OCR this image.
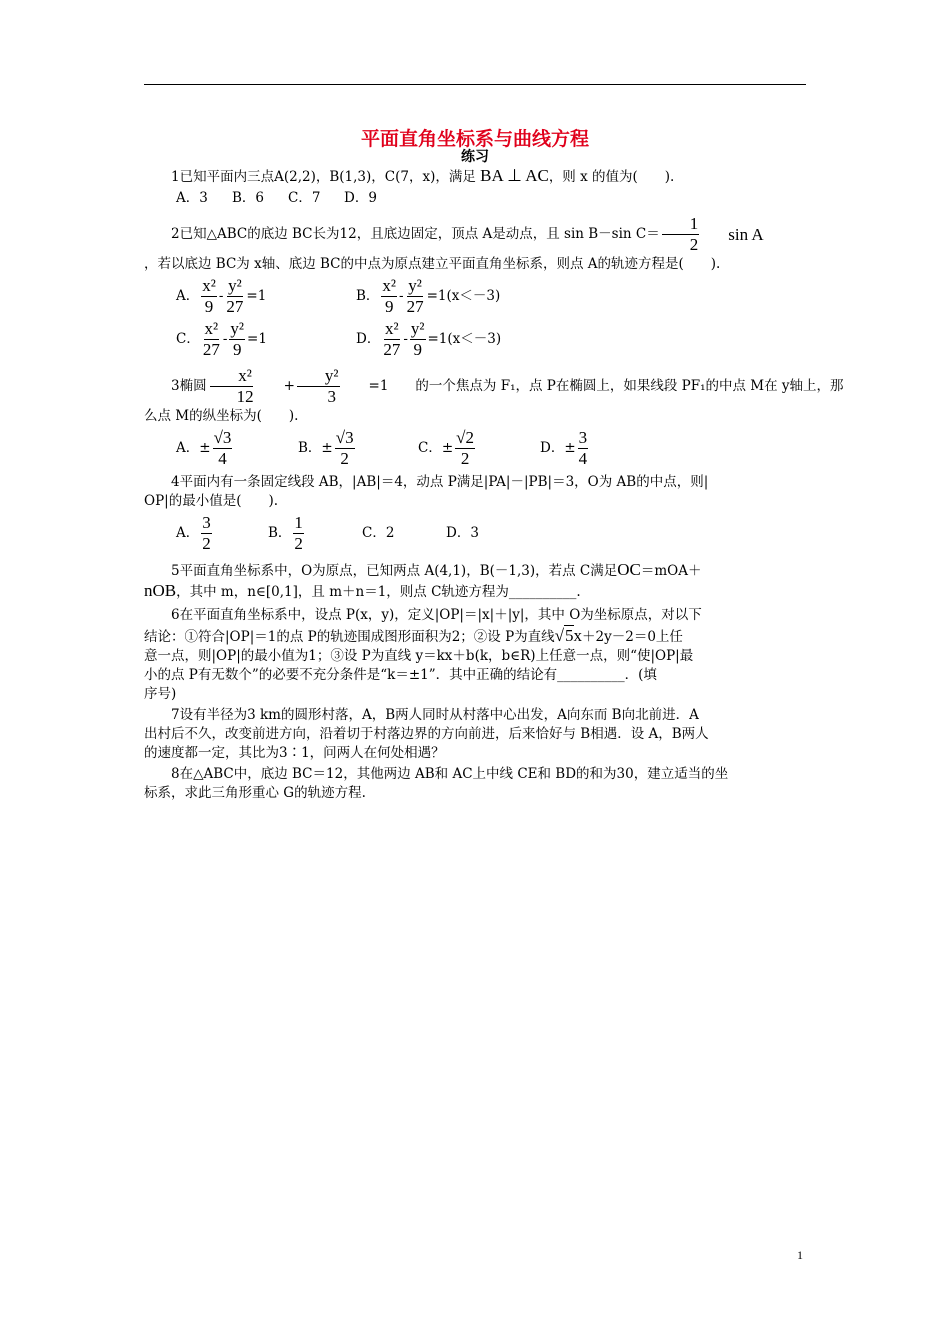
平面直角坐标系与曲线方程
练习

1已知平面内三点A(2,2)，B(1,3)，C(7，x)，满足 BA ⊥ AC，则 x 的值为(　　).

A．3	B．6	C．7	D．9

2已知△ABC的底边 BC长为12，且底边固定，顶点 A是动点，且 sin B－sin $C= \frac{1}{2}$	sin A

，若以底边 BC为 x轴、底边 BC的中点为原点建立平面直角坐标系，则点 A的轨迹方程是(　　).

A． $\frac{\text{x²}}{9} - \frac{\text{y²}}{27} =1$	B． $\frac{\text{x²}}{9} - \frac{\text{y²}}{27} =1$ (x＜－3)
C． $\frac{\text{x²}}{27} - \frac{\text{y²}}{9} =1$	D． $\frac{\text{x²}}{27} - \frac{\text{y²}}{9} =1$ (x＜－3)

3椭圆 $\frac{\text{x²}}{12}$	+ $\frac{\text{y²}}{3}$	=1	的一个焦点为 F₁，点 P在椭圆上，如果线段 PF₁的中点 M在 y轴上，那

么点 M的纵坐标为(　　).

A． ± $\frac{√3}{4}$	B． ± $\frac{√3}{2}$	C． ± $\frac{√2}{2}$	D． ± $\frac{3}{4}$

4平面内有一条固定线段 AB，|AB|＝4，动点 P满足|PA|－|PB|＝3，O为 AB的中点，则|

OP|的最小值是(　　).

A． $\frac{3}{2}$	B． $\frac{1}{2}$	C．2	D．3

5平面直角坐标系中，O为原点，已知两点 A(4,1)，B(－1,3)，若点 C满足OC＝mOA＋

nOB，其中 m，n∈[0,1]，且 m＋n＝1，则点 C轨迹方程为__________.

6在平面直角坐标系中，设点 P(x，y)，定义|OP|＝|x|＋|y|，其中 O为坐标原点，对以下

结论：①符合|OP|＝1的点 P的轨迹围成图形面积为2；②设 P为直线√5x＋2y－2＝0上任

意一点，则|OP|的最小值为1；③设 P为直线 y＝kx＋b(k，b∈R)上任意一点，则“使|OP|最

小的点 P有无数个”的必要不充分条件是“k＝±1”．其中正确的结论有__________．(填

序号)

7设有半径为3 km的圆形村落，A，B两人同时从村落中心出发，A向东而 B向北前进．A

出村后不久，改变前进方向，沿着切于村落边界的方向前进，后来恰好与 B相遇．设 A，B两人

的速度都一定，其比为3∶1，问两人在何处相遇？

8在△ABC中，底边 BC＝12，其他两边 AB和 AC上中线 CE和 BD的和为30，建立适当的坐

标系，求此三角形重心 G的轨迹方程.

1
